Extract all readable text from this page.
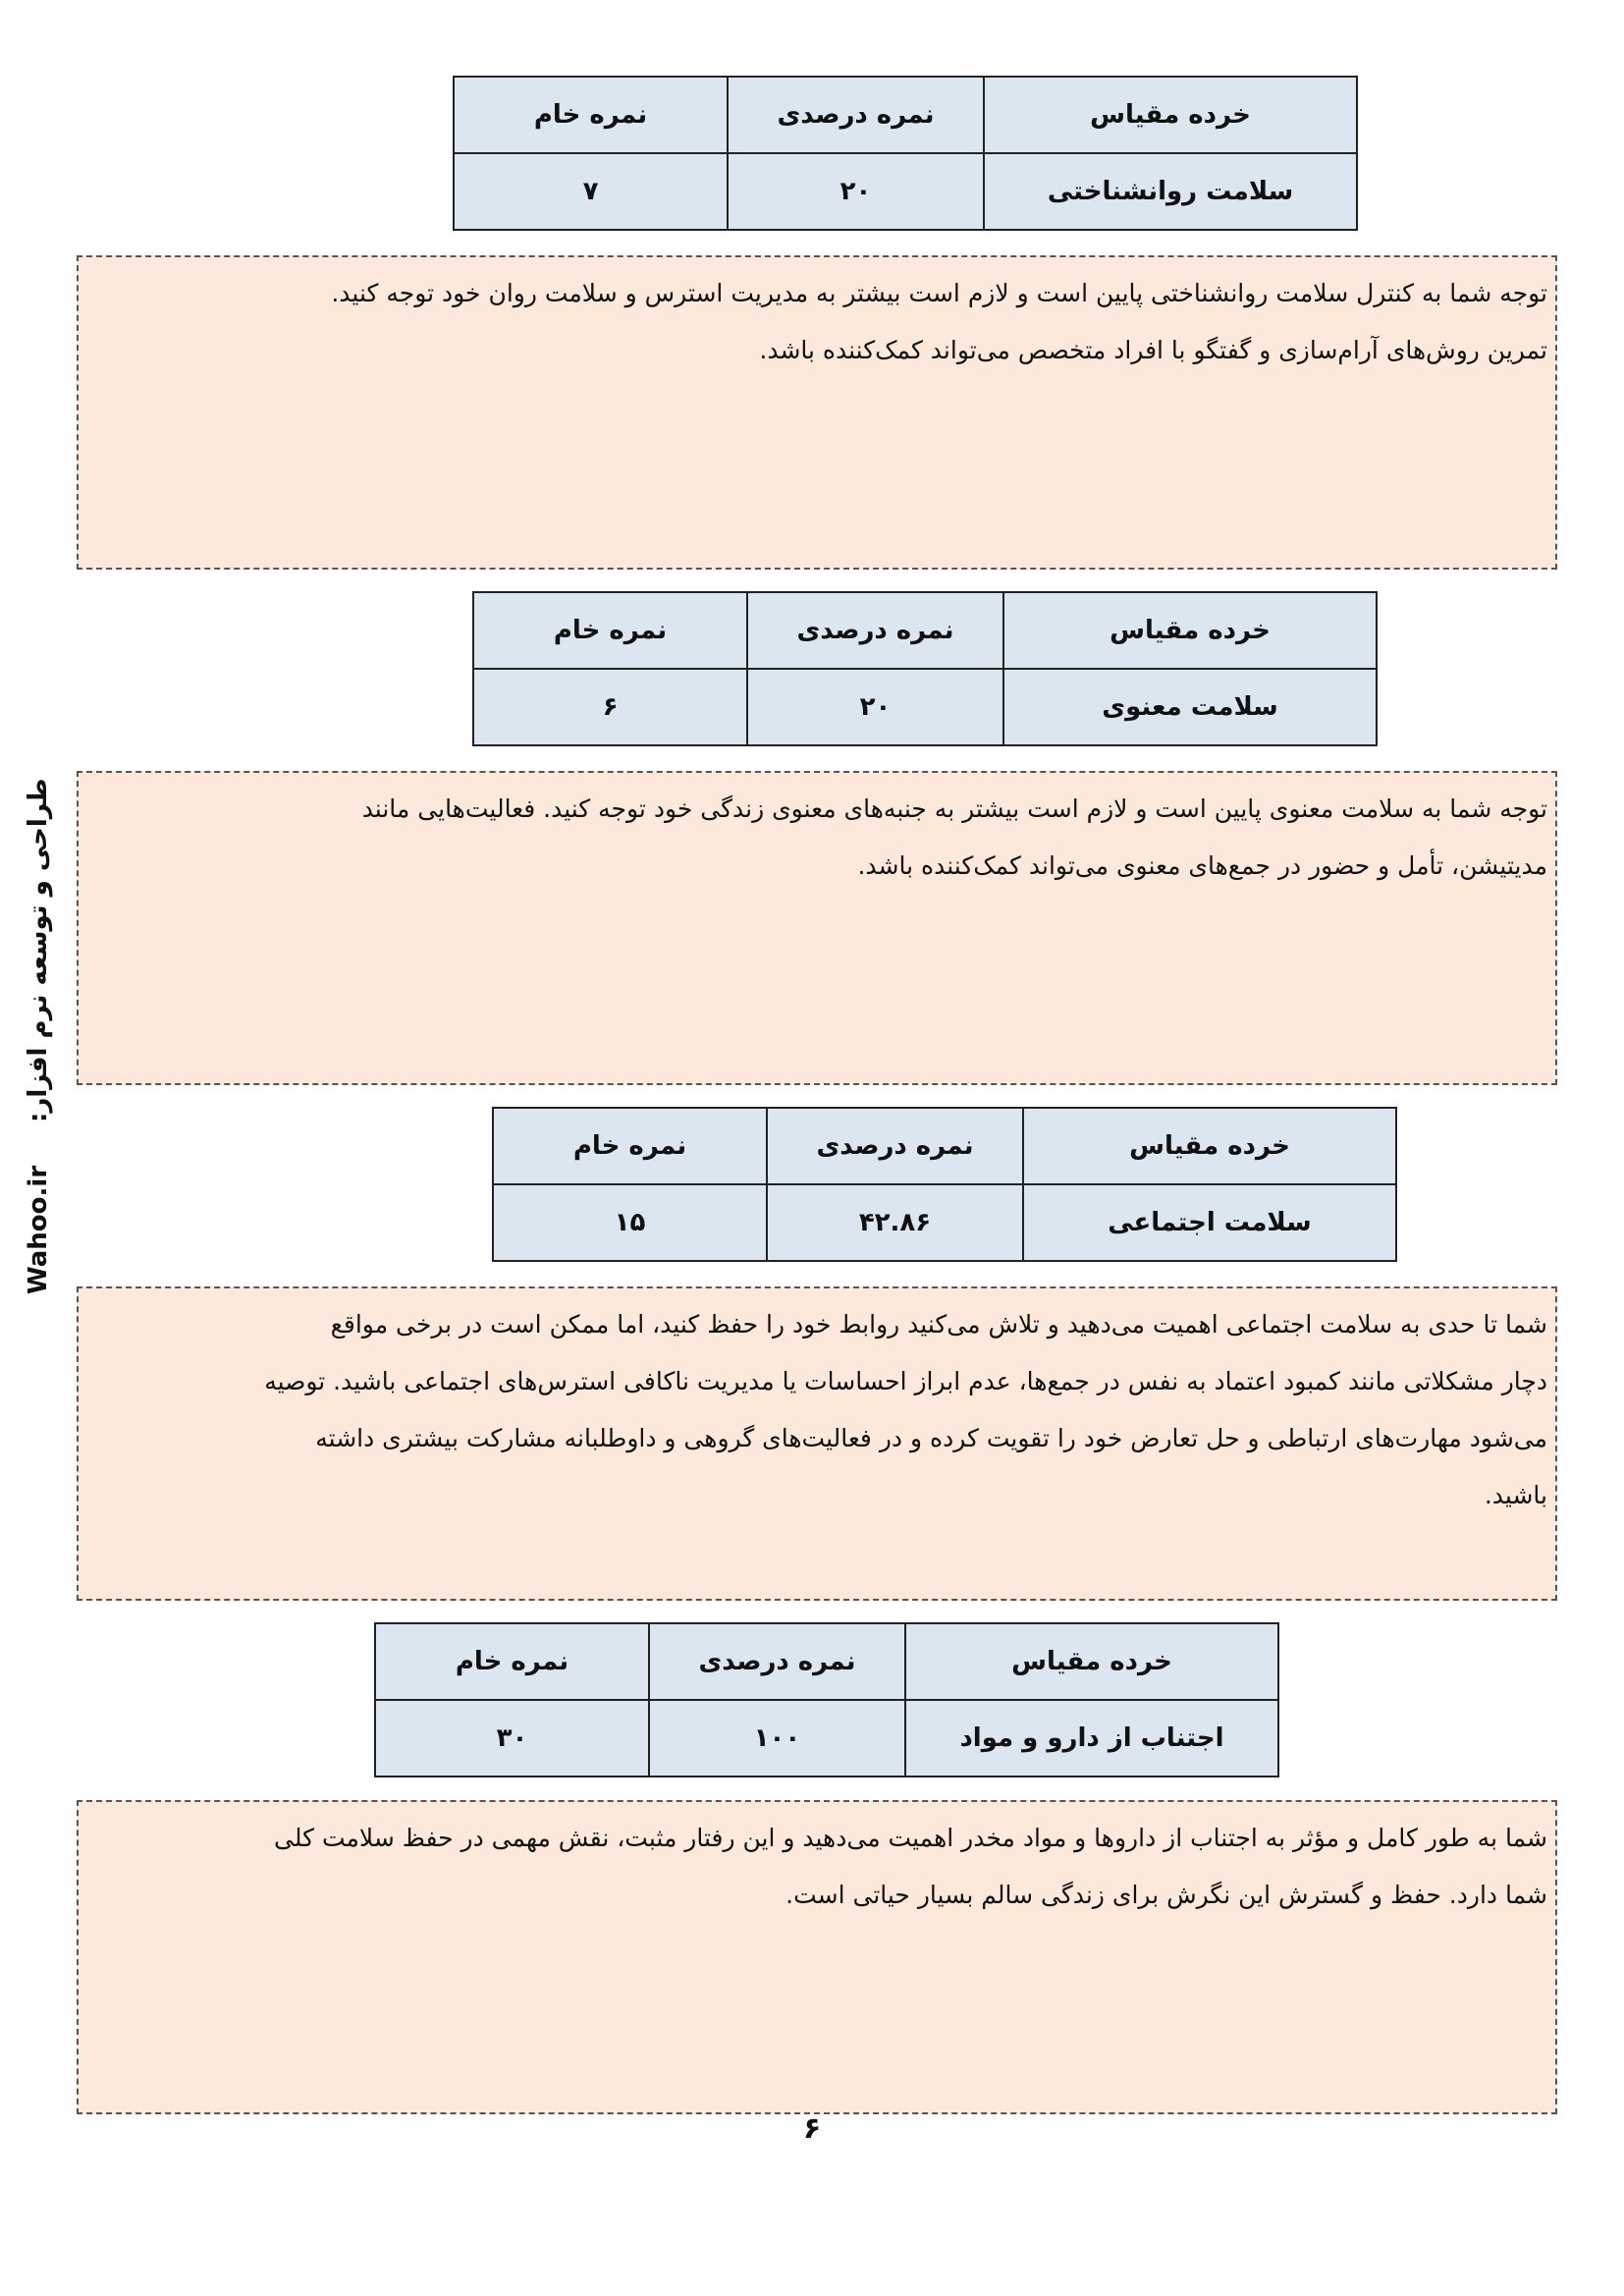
Wahoo.ir
طراحی و توسعه نرم افزار:
خرده مقیاس	نمره درصدی	نمره خام
سلامت روانشناختی	۲۰	۷

توجه شما به کنترل سلامت روانشناختی پایین است و لازم است بیشتر به مدیریت استرس و سلامت روان خود توجه کنید.

تمرین روش‌های آرام‌سازی و گفتگو با افراد متخصص می‌تواند کمک‌کننده باشد.

خرده مقیاس	نمره درصدی	نمره خام
سلامت معنوی	۲۰	۶

توجه شما به سلامت معنوی پایین است و لازم است بیشتر به جنبه‌های معنوی زندگی خود توجه کنید. فعالیت‌هایی مانند

مدیتیشن، تأمل و حضور در جمع‌های معنوی می‌تواند کمک‌کننده باشد.

خرده مقیاس	نمره درصدی	نمره خام
سلامت اجتماعی	۴۲.۸۶	۱۵

شما تا حدی به سلامت اجتماعی اهمیت می‌دهید و تلاش می‌کنید روابط خود را حفظ کنید، اما ممکن است در برخی مواقع

دچار مشکلاتی مانند کمبود اعتماد به نفس در جمع‌ها، عدم ابراز احساسات یا مدیریت ناکافی استرس‌های اجتماعی باشید. توصیه

می‌شود مهارت‌های ارتباطی و حل تعارض خود را تقویت کرده و در فعالیت‌های گروهی و داوطلبانه مشارکت بیشتری داشته

باشید.

خرده مقیاس	نمره درصدی	نمره خام
اجتناب از دارو و مواد	۱۰۰	۳۰

شما به طور کامل و مؤثر به اجتناب از داروها و مواد مخدر اهمیت می‌دهید و این رفتار مثبت، نقش مهمی در حفظ سلامت کلی

شما دارد. حفظ و گسترش این نگرش برای زندگی سالم بسیار حیاتی است.

۶
